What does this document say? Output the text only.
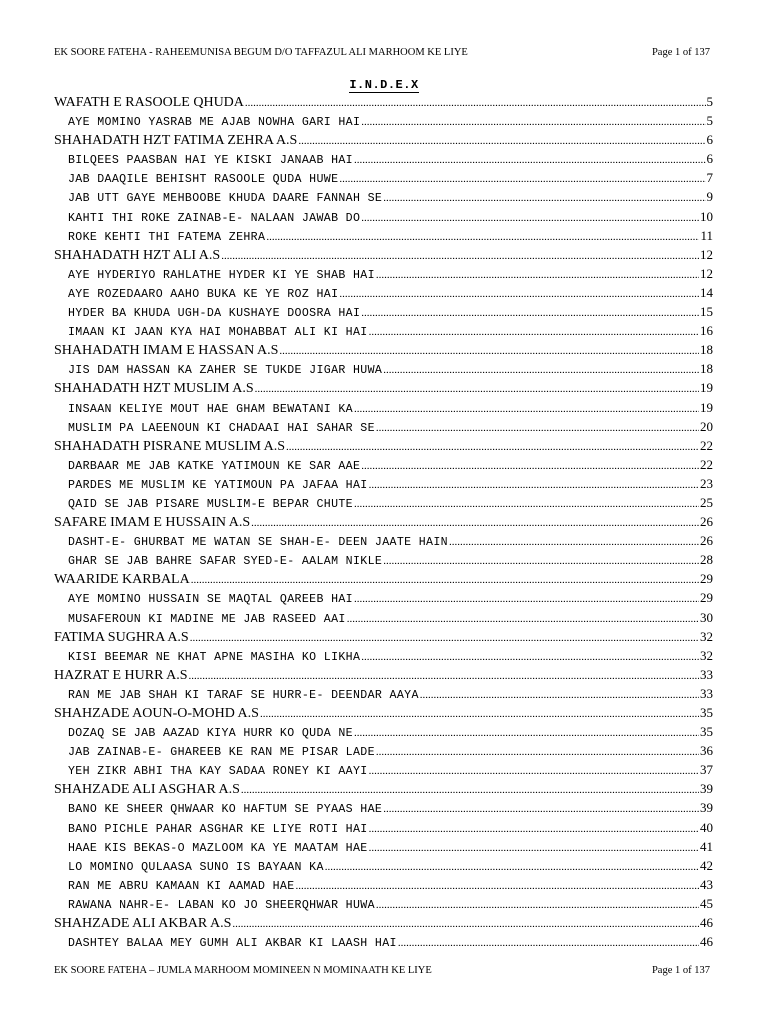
EK SOORE FATEHA - RAHEEMUNISA BEGUM D/O TAFFAZUL ALI MARHOOM KE LIYE	Page 1 of 137
I.N.D.E.X
WAFATH E RASOOLE QHUDA .....	5
AYE MOMINO YASRAB ME AJAB NOWHA GARI HAI .....	5
SHAHADATH HZT FATIMA ZEHRA A.S .....	6
BILQEES PAASBAN HAI YE KISKI JANAAB HAI .....	6
JAB DAAQILE BEHISHT RASOOLE QUDA HUWE .....	7
JAB UTT GAYE MEHBOOBE KHUDA DAARE FANNAH SE .....	9
KAHTI THI ROKE ZAINAB-E- NALAAN JAWAB DO .....	10
ROKE KEHTI THI FATEMA ZEHRA .....	11
SHAHADATH HZT ALI A.S .....	12
AYE HYDERIYO RAHLATHE HYDER KI YE SHAB HAI .....	12
AYE ROZEDAARO AAHO BUKA KE YE ROZ HAI .....	14
HYDER BA KHUDA UGH-DA KUSHAYE DOOSRA HAI .....	15
IMAAN KI JAAN KYA HAI MOHABBAT ALI KI HAI .....	16
SHAHADATH IMAM E HASSAN A.S .....	18
JIS DAM HASSAN KA ZAHER SE TUKDE JIGAR HUWA .....	18
SHAHADATH HZT MUSLIM A.S .....	19
INSAAN KELIYE MOUT HAE GHAM BEWATANI KA .....	19
MUSLIM PA LAEENOUN KI CHADAAI HAI SAHAR SE .....	20
SHAHADATH PISRANE MUSLIM A.S .....	22
DARBAAR ME JAB KATKE YATIMOUN KE SAR AAE .....	22
PARDES ME MUSLIM KE YATIMOUN PA JAFAA HAI .....	23
QAID SE JAB PISARE MUSLIM-E BEPAR CHUTE .....	25
SAFARE IMAM E HUSSAIN A.S .....	26
DASHT-E- GHURBAT ME WATAN SE SHAH-E- DEEN JAATE HAIN .....	26
GHAR SE JAB BAHRE SAFAR SYED-E- AALAM NIKLE .....	28
WAARIDE KARBALA .....	29
AYE MOMINO HUSSAIN SE MAQTAL QAREEB HAI .....	29
MUSAFEROUN KI MADINE ME JAB RASEED AAI .....	30
FATIMA SUGHRA A.S .....	32
KISI BEEMAR NE KHAT APNE MASIHA KO LIKHA .....	32
HAZRAT E HURR A.S .....	33
RAN ME JAB SHAH KI TARAF SE HURR-E- DEENDAR AAYA .....	33
SHAHZADE AOUN-O-MOHD A.S .....	35
DOZAQ SE JAB AAZAD KIYA HURR KO QUDA NE .....	35
JAB ZAINAB-E- GHAREEB KE RAN ME PISAR LADE .....	36
YEH ZIKR ABHI THA KAY SADAA RONEY KI AAYI .....	37
SHAHZADE ALI ASGHAR A.S .....	39
BANO KE SHEER QHWAAR KO HAFTUM SE PYAAS HAE .....	39
BANO PICHLE PAHAR ASGHAR KE LIYE ROTI HAI .....	40
HAAE KIS BEKAS-O MAZLOOM KA YE MAATAM HAE .....	41
LO MOMINO QULAASA SUNO IS BAYAAN KA .....	42
RAN ME ABRU KAMAAN KI AAMAD HAE .....	43
RAWANA NAHR-E- LABAN KO JO SHEERQHWAR HUWA .....	45
SHAHZADE ALI AKBAR A.S .....	46
DASHTEY BALAA MEY GUMH ALI AKBAR KI LAASH HAI .....	46
EK SOORE FATEHA – JUMLA MARHOOM MOMINEEN N MOMINAATH KE LIYE	Page 1 of 137
